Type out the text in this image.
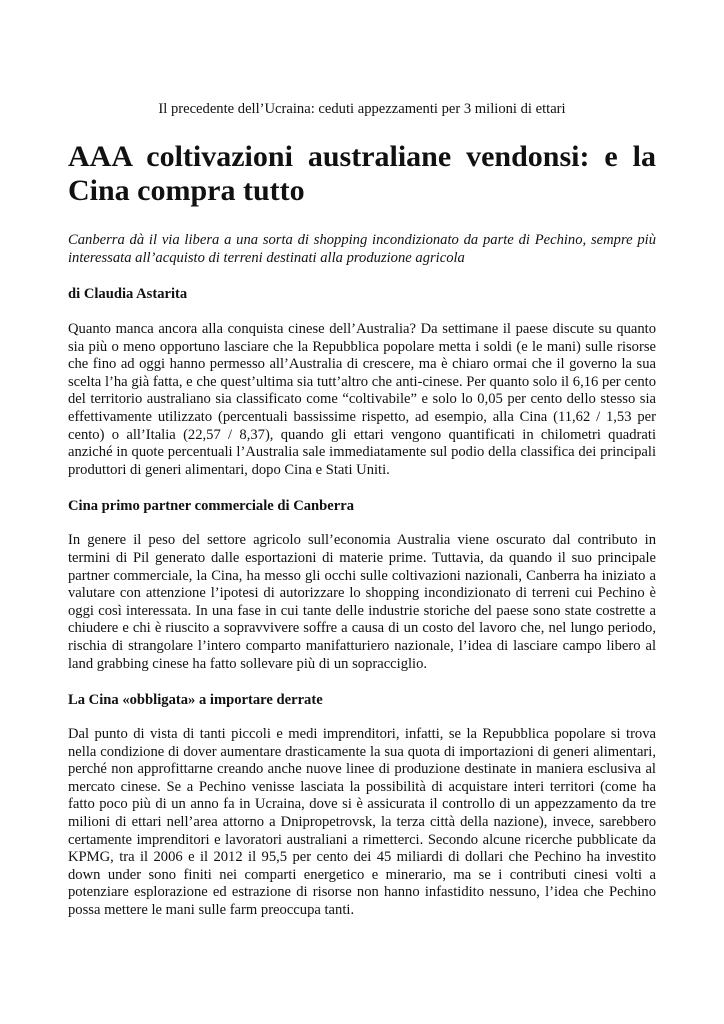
Il precedente dell’Ucraina: ceduti appezzamenti per 3 milioni di ettari

AAA coltivazioni australiane vendonsi: e la Cina compra tutto

Canberra dà il via libera a una sorta di shopping incondizionato da parte di Pechino, sempre più interessata all’acquisto di terreni destinati alla produzione agricola

di Claudia Astarita

Quanto manca ancora alla conquista cinese dell’Australia? Da settimane il paese discute su quanto sia più o meno opportuno lasciare che la Repubblica popolare metta i soldi (e le mani) sulle risorse che fino ad oggi hanno permesso all’Australia di crescere, ma è chiaro ormai che il governo la sua scelta l’ha già fatta, e che quest’ultima sia tutt’altro che anti-cinese. Per quanto solo il 6,16 per cento del territorio australiano sia classificato come “coltivabile” e solo lo 0,05 per cento dello stesso sia effettivamente utilizzato (percentuali bassissime rispetto, ad esempio, alla Cina (11,62 / 1,53 per cento) o all’Italia (22,57 / 8,37), quando gli ettari vengono quantificati in chilometri quadrati anziché in quote percentuali l’Australia sale immediatamente sul podio della classifica dei principali produttori di generi alimentari, dopo Cina e Stati Uniti.

Cina primo partner commerciale di Canberra

In genere il peso del settore agricolo sull’economia Australia viene oscurato dal contributo in termini di Pil generato dalle esportazioni di materie prime. Tuttavia, da quando il suo principale partner commerciale, la Cina, ha messo gli occhi sulle coltivazioni nazionali, Canberra ha iniziato a valutare con attenzione l’ipotesi di autorizzare lo shopping incondizionato di terreni cui Pechino è oggi così interessata. In una fase in cui tante delle industrie storiche del paese sono state costrette a chiudere e chi è riuscito a sopravvivere soffre a causa di un costo del lavoro che, nel lungo periodo, rischia di strangolare l’intero comparto manifatturiero nazionale, l’idea di lasciare campo libero al land grabbing cinese ha fatto sollevare più di un sopracciglio.

La Cina «obbligata» a importare derrate

Dal punto di vista di tanti piccoli e medi imprenditori, infatti, se la Repubblica popolare si trova nella condizione di dover aumentare drasticamente la sua quota di importazioni di generi alimentari, perché non approfittarne creando anche nuove linee di produzione destinate in maniera esclusiva al mercato cinese. Se a Pechino venisse lasciata la possibilità di acquistare interi territori (come ha fatto poco più di un anno fa in Ucraina, dove si è assicurata il controllo di un appezzamento da tre milioni di ettari nell’area attorno a Dnipropetrovsk, la terza città della nazione), invece, sarebbero certamente imprenditori e lavoratori australiani a rimetterci. Secondo alcune ricerche pubblicate da KPMG, tra il 2006 e il 2012 il 95,5 per cento dei 45 miliardi di dollari che Pechino ha investito down under sono finiti nei comparti energetico e minerario, ma se i contributi cinesi volti a potenziare esplorazione ed estrazione di risorse non hanno infastidito nessuno, l’idea che Pechino possa mettere le mani sulle farm preoccupa tanti.
